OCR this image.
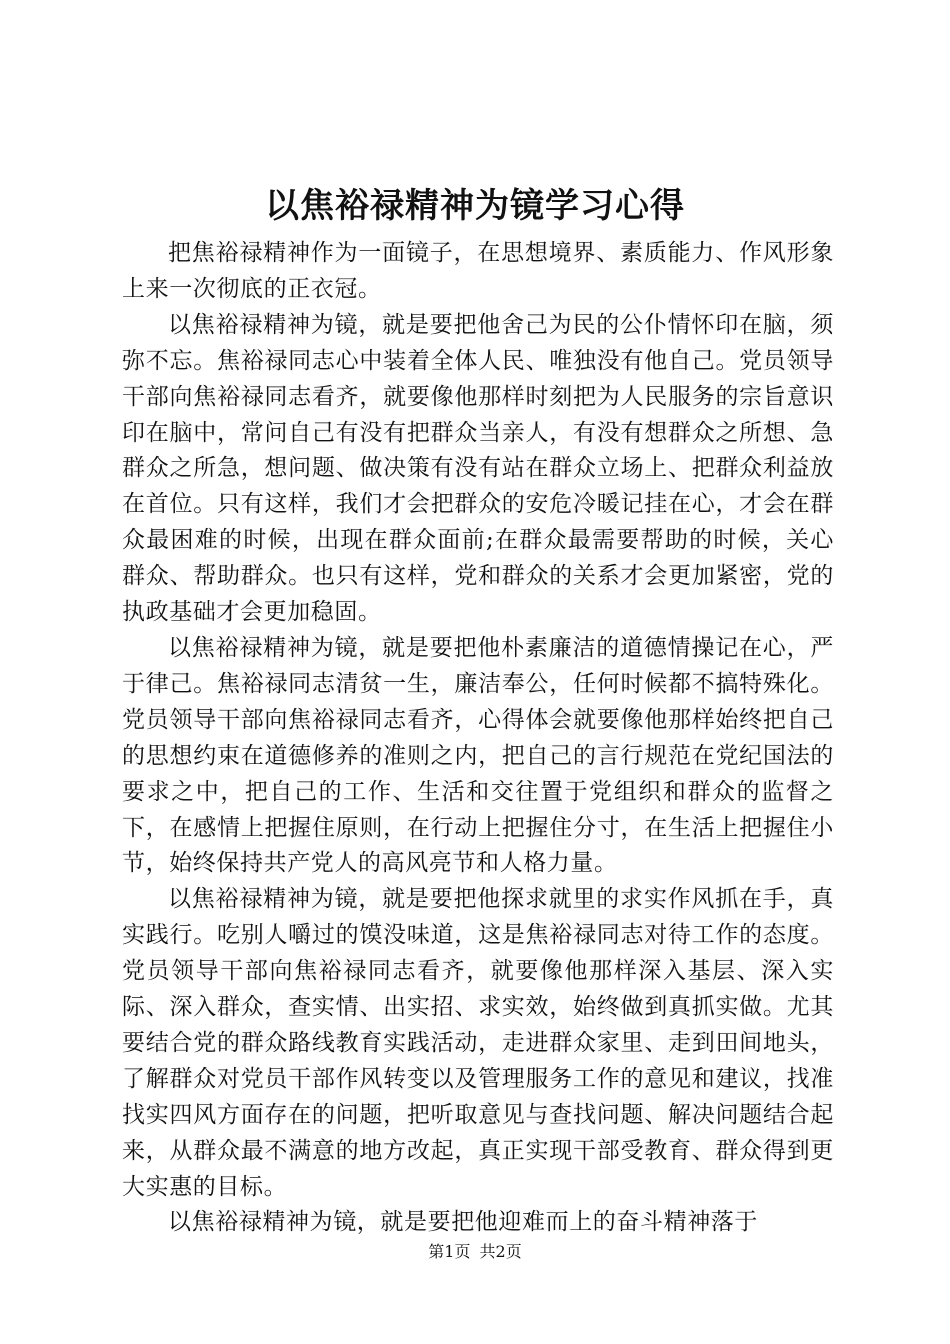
以焦裕禄精神为镜学习心得

把焦裕禄精神作为一面镜子，在思想境界、素质能力、作风形象上来一次彻底的正衣冠。

以焦裕禄精神为镜，就是要把他舍己为民的公仆情怀印在脑，须弥不忘。焦裕禄同志心中装着全体人民、唯独没有他自己。党员领导干部向焦裕禄同志看齐，就要像他那样时刻把为人民服务的宗旨意识印在脑中，常问自己有没有把群众当亲人，有没有想群众之所想、急群众之所急，想问题、做决策有没有站在群众立场上、把群众利益放在首位。只有这样，我们才会把群众的安危冷暖记挂在心，才会在群众最困难的时候，出现在群众面前;在群众最需要帮助的时候，关心群众、帮助群众。也只有这样，党和群众的关系才会更加紧密，党的执政基础才会更加稳固。

以焦裕禄精神为镜，就是要把他朴素廉洁的道德情操记在心，严于律己。焦裕禄同志清贫一生，廉洁奉公，任何时候都不搞特殊化。党员领导干部向焦裕禄同志看齐，心得体会就要像他那样始终把自己的思想约束在道德修养的准则之内，把自己的言行规范在党纪国法的要求之中，把自己的工作、生活和交往置于党组织和群众的监督之下，在感情上把握住原则，在行动上把握住分寸，在生活上把握住小节，始终保持共产党人的高风亮节和人格力量。

以焦裕禄精神为镜，就是要把他探求就里的求实作风抓在手，真实践行。吃别人嚼过的馍没味道，这是焦裕禄同志对待工作的态度。党员领导干部向焦裕禄同志看齐，就要像他那样深入基层、深入实际、深入群众，查实情、出实招、求实效，始终做到真抓实做。尤其要结合党的群众路线教育实践活动，走进群众家里、走到田间地头，了解群众对党员干部作风转变以及管理服务工作的意见和建议，找准找实四风方面存在的问题，把听取意见与查找问题、解决问题结合起来，从群众最不满意的地方改起，真正实现干部受教育、群众得到更大实惠的目标。

以焦裕禄精神为镜，就是要把他迎难而上的奋斗精神落于

第1页 共2页
